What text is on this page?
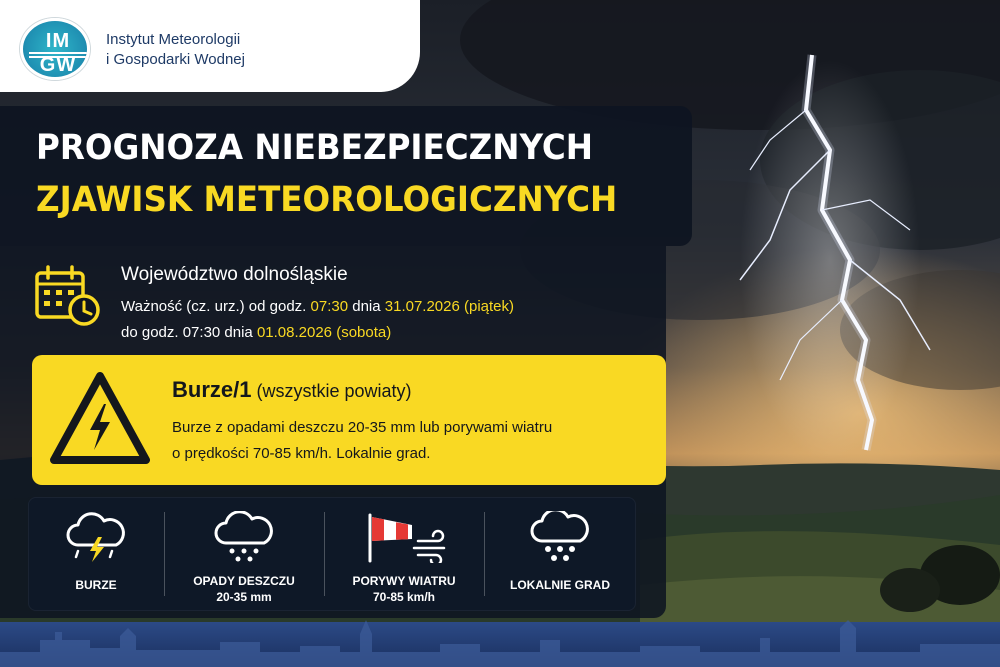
IM
GW
Instytut Meteorologii
i Gospodarki Wodnej
PROGNOZA NIEBEZPIECZNYCH
ZJAWISK METEOROLOGICZNYCH
Województwo dolnośląskie
Ważność (cz. urz.) od godz. 07:30 dnia 31.07.2026 (piątek)
do godz. 07:30 dnia 01.08.2026 (sobota)
Burze/1 (wszystkie powiaty)
Burze z opadami deszczu 20-35 mm lub porywami wiatru
o prędkości 70-85 km/h. Lokalnie grad.
BURZE	OPADY DESZCZU
20-35 mm
PORYWY WIATRU
70-85 km/h
LOKALNIE GRAD
